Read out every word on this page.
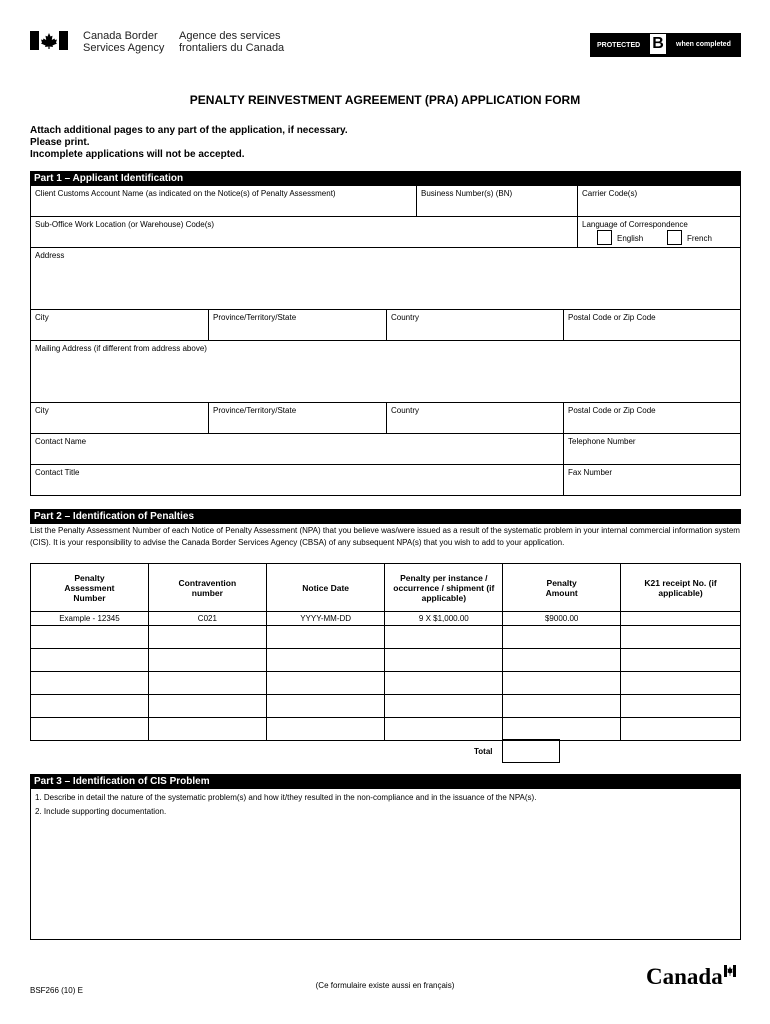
Canada Border
Services Agency
Agence des services
frontaliers du Canada	PROTECTED B	when completed
PENALTY REINVESTMENT AGREEMENT (PRA) APPLICATION FORM
Attach additional pages to any part of the application, if necessary.
Please print.
Incomplete applications will not be accepted.
Part 1 – Applicant Identification
Client Customs Account Name (as indicated on the Notice(s) of Penalty Assessment)	Business Number(s) (BN)	Carrier Code(s)
Sub-Office Work Location (or Warehouse) Code(s)	Language of Correspondence
English	French
Address
City	Province/Territory/State	Country	Postal Code or Zip Code
Mailing Address (if different from address above)
City	Province/Territory/State	Country	Postal Code or Zip Code
Contact Name	Telephone Number
Contact Title	Fax Number
Part 2 – Identification of Penalties
List the Penalty Assessment Number of each Notice of Penalty Assessment (NPA) that you believe was/were issued as a result of the systematic problem in your internal commercial information system (CIS). It is your responsibility to advise the Canada Border Services Agency (CBSA) of any subsequent NPA(s) that you wish to add to your application.
Penalty Assessment Number	Contravention number	Notice Date	Penalty per instance / occurrence / shipment (if applicable)	Penalty Amount	K21 receipt No. (if applicable)
Example - 12345	C021	YYYY-MM-DD	9 X $1,000.00	$9000.00	

Total
Part 3 – Identification of CIS Problem
1. Describe in detail the nature of the systematic problem(s) and how it/they resulted in the non-compliance and in the issuance of the NPA(s).
2. Include supporting documentation.
BSF266 (10) E
(Ce formulaire existe aussi en français)	Canada
